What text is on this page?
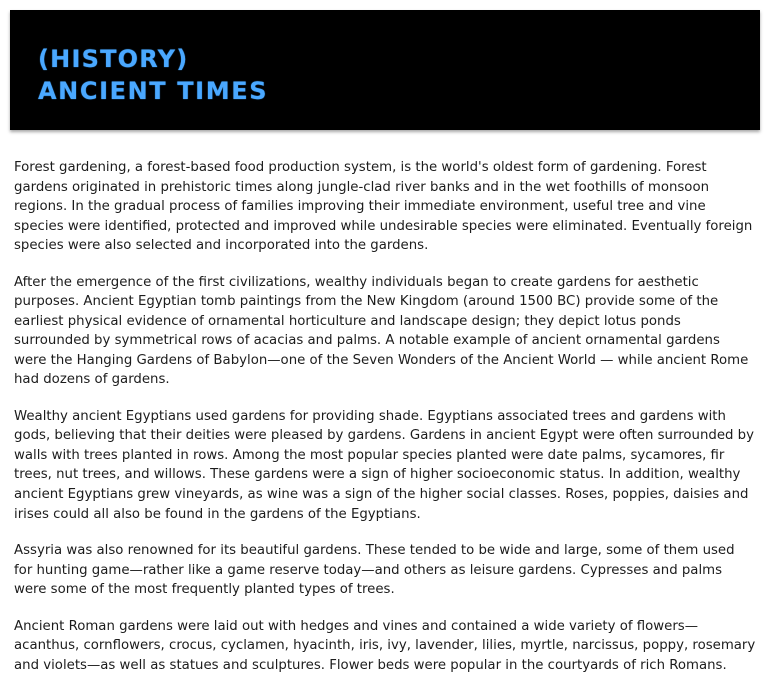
(HISTORY)
ANCIENT TIMES

Forest gardening, a forest-based food production system, is the world's oldest form of gardening. Forest gardens originated in prehistoric times along jungle-clad river banks and in the wet foothills of monsoon regions. In the gradual process of families improving their immediate environment, useful tree and vine species were identified, protected and improved while undesirable species were eliminated. Eventually foreign species were also selected and incorporated into the gardens.

After the emergence of the first civilizations, wealthy individuals began to create gardens for aesthetic purposes. Ancient Egyptian tomb paintings from the New Kingdom (around 1500 BC) provide some of the earliest physical evidence of ornamental horticulture and landscape design; they depict lotus ponds surrounded by symmetrical rows of acacias and palms. A notable example of ancient ornamental gardens were the Hanging Gardens of Babylon—one of the Seven Wonders of the Ancient World — while ancient Rome had dozens of gardens.

Wealthy ancient Egyptians used gardens for providing shade. Egyptians associated trees and gardens with gods, believing that their deities were pleased by gardens. Gardens in ancient Egypt were often surrounded by walls with trees planted in rows. Among the most popular species planted were date palms, sycamores, fir trees, nut trees, and willows. These gardens were a sign of higher socioeconomic status. In addition, wealthy ancient Egyptians grew vineyards, as wine was a sign of the higher social classes. Roses, poppies, daisies and irises could all also be found in the gardens of the Egyptians.

Assyria was also renowned for its beautiful gardens. These tended to be wide and large, some of them used for hunting game—rather like a game reserve today—and others as leisure gardens. Cypresses and palms were some of the most frequently planted types of trees.

Ancient Roman gardens were laid out with hedges and vines and contained a wide variety of flowers—acanthus, cornflowers, crocus, cyclamen, hyacinth, iris, ivy, lavender, lilies, myrtle, narcissus, poppy, rosemary and violets—as well as statues and sculptures. Flower beds were popular in the courtyards of rich Romans.
